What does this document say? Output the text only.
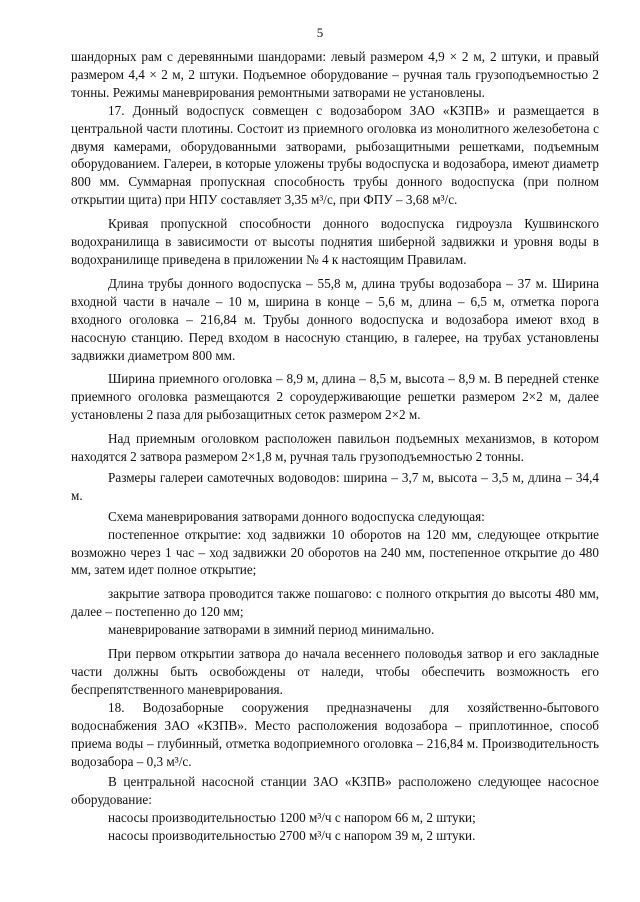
5

шандорных рам с деревянными шандорами: левый размером 4,9 × 2 м, 2 штуки, и правый размером 4,4 × 2 м, 2 штуки. Подъемное оборудование – ручная таль грузоподъемностью 2 тонны. Режимы маневрирования ремонтными затворами не установлены.

17. Донный водоспуск совмещен с водозабором ЗАО «КЗПВ» и размещается в центральной части плотины. Состоит из приемного оголовка из монолитного железобетона с двумя камерами, оборудованными затворами, рыбозащитными решетками, подъемным оборудованием. Галереи, в которые уложены трубы водоспуска и водозабора, имеют диаметр 800 мм. Суммарная пропускная способность трубы донного водоспуска (при полном открытии щита) при НПУ составляет 3,35 м³/с, при ФПУ – 3,68 м³/с.

Кривая пропускной способности донного водоспуска гидроузла Кушвинского водохранилища в зависимости от высоты поднятия шиберной задвижки и уровня воды в водохранилище приведена в приложении № 4 к настоящим Правилам.

Длина трубы донного водоспуска – 55,8 м, длина трубы водозабора – 37 м. Ширина входной части в начале – 10 м, ширина в конце – 5,6 м, длина – 6,5 м, отметка порога входного оголовка – 216,84 м. Трубы донного водоспуска и водозабора имеют вход в насосную станцию. Перед входом в насосную станцию, в галерее, на трубах установлены задвижки диаметром 800 мм.

Ширина приемного оголовка – 8,9 м, длина – 8,5 м, высота – 8,9 м. В передней стенке приемного оголовка размещаются 2 сороудерживающие решетки размером 2×2 м, далее установлены 2 паза для рыбозащитных сеток размером 2×2 м.

Над приемным оголовком расположен павильон подъемных механизмов, в котором находятся 2 затвора размером 2×1,8 м, ручная таль грузоподъемностью 2 тонны.

Размеры галереи самотечных водоводов: ширина – 3,7 м, высота – 3,5 м, длина – 34,4 м.

Схема маневрирования затворами донного водоспуска следующая:

постепенное открытие: ход задвижки 10 оборотов на 120 мм, следующее открытие возможно через 1 час – ход задвижки 20 оборотов на 240 мм, постепенное открытие до 480 мм, затем идет полное открытие;

закрытие затвора проводится также пошагово: с полного открытия до высоты 480 мм, далее – постепенно до 120 мм;

маневрирование затворами в зимний период минимально.

При первом открытии затвора до начала весеннего половодья затвор и его закладные части должны быть освобождены от наледи, чтобы обеспечить возможность его беспрепятственного маневрирования.

18. Водозаборные сооружения предназначены для хозяйственно-бытового водоснабжения ЗАО «КЗПВ». Место расположения водозабора – приплотинное, способ приема воды – глубинный, отметка водоприемного оголовка – 216,84 м. Производительность водозабора – 0,3 м³/с.

В центральной насосной станции ЗАО «КЗПВ» расположено следующее насосное оборудование:

насосы производительностью 1200 м³/ч с напором 66 м, 2 штуки;

насосы производительностью 2700 м³/ч с напором 39 м, 2 штуки.
